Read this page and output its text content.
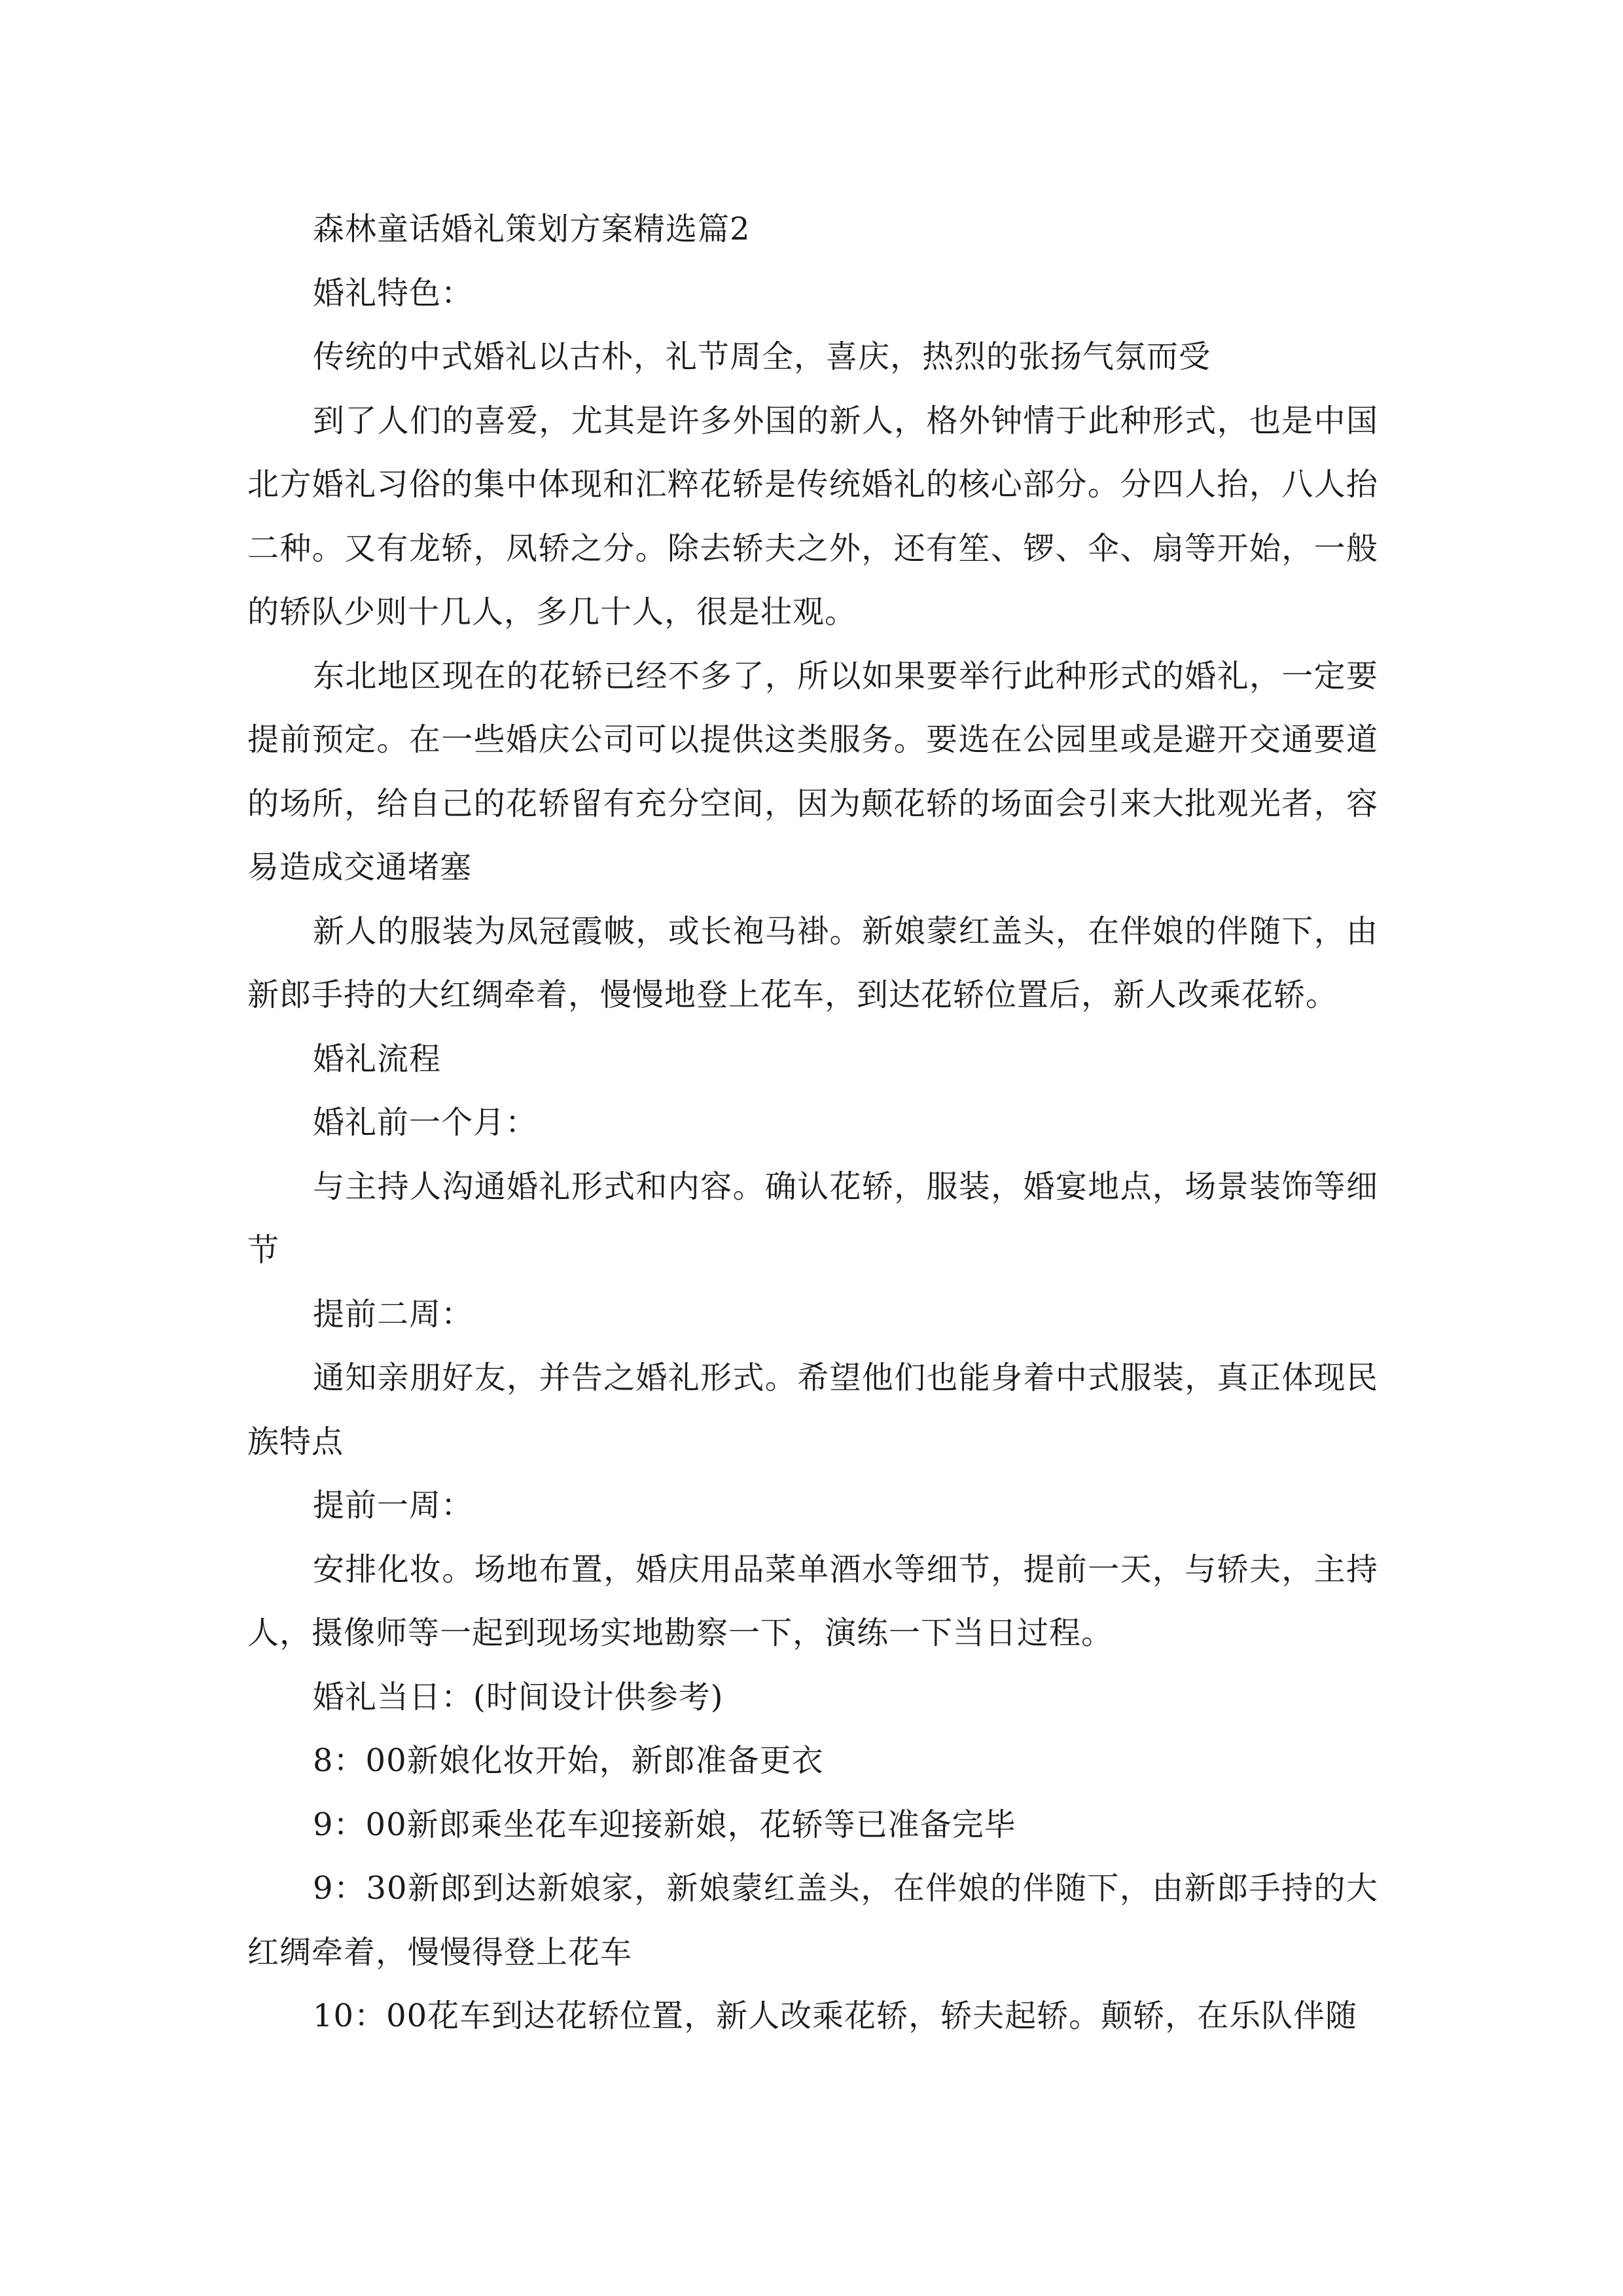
森林童话婚礼策划方案精选篇2

婚礼特色：

传统的中式婚礼以古朴，礼节周全，喜庆，热烈的张扬气氛而受

到了人们的喜爱，尤其是许多外国的新人，格外钟情于此种形式，也是中国北方婚礼习俗的集中体现和汇粹花轿是传统婚礼的核心部分。分四人抬，八人抬二种。又有龙轿，凤轿之分。除去轿夫之外，还有笙、锣、伞、扇等开始，一般的轿队少则十几人，多几十人，很是壮观。

东北地区现在的花轿已经不多了，所以如果要举行此种形式的婚礼，一定要提前预定。在一些婚庆公司可以提供这类服务。要选在公园里或是避开交通要道的场所，给自己的花轿留有充分空间，因为颠花轿的场面会引来大批观光者，容易造成交通堵塞

新人的服装为凤冠霞帔，或长袍马褂。新娘蒙红盖头，在伴娘的伴随下，由新郎手持的大红绸牵着，慢慢地登上花车，到达花轿位置后，新人改乘花轿。

婚礼流程

婚礼前一个月：

与主持人沟通婚礼形式和内容。确认花轿，服装，婚宴地点，场景装饰等细节

提前二周：

通知亲朋好友，并告之婚礼形式。希望他们也能身着中式服装，真正体现民族特点

提前一周：

安排化妆。场地布置，婚庆用品菜单酒水等细节，提前一天，与轿夫，主持人，摄像师等一起到现场实地勘察一下，演练一下当日过程。

婚礼当日：(时间设计供参考)

8：00新娘化妆开始，新郎准备更衣

9：00新郎乘坐花车迎接新娘，花轿等已准备完毕

9：30新郎到达新娘家，新娘蒙红盖头，在伴娘的伴随下，由新郎手持的大红绸牵着，慢慢得登上花车

10：00花车到达花轿位置，新人改乘花轿，轿夫起轿。颠轿，在乐队伴随
